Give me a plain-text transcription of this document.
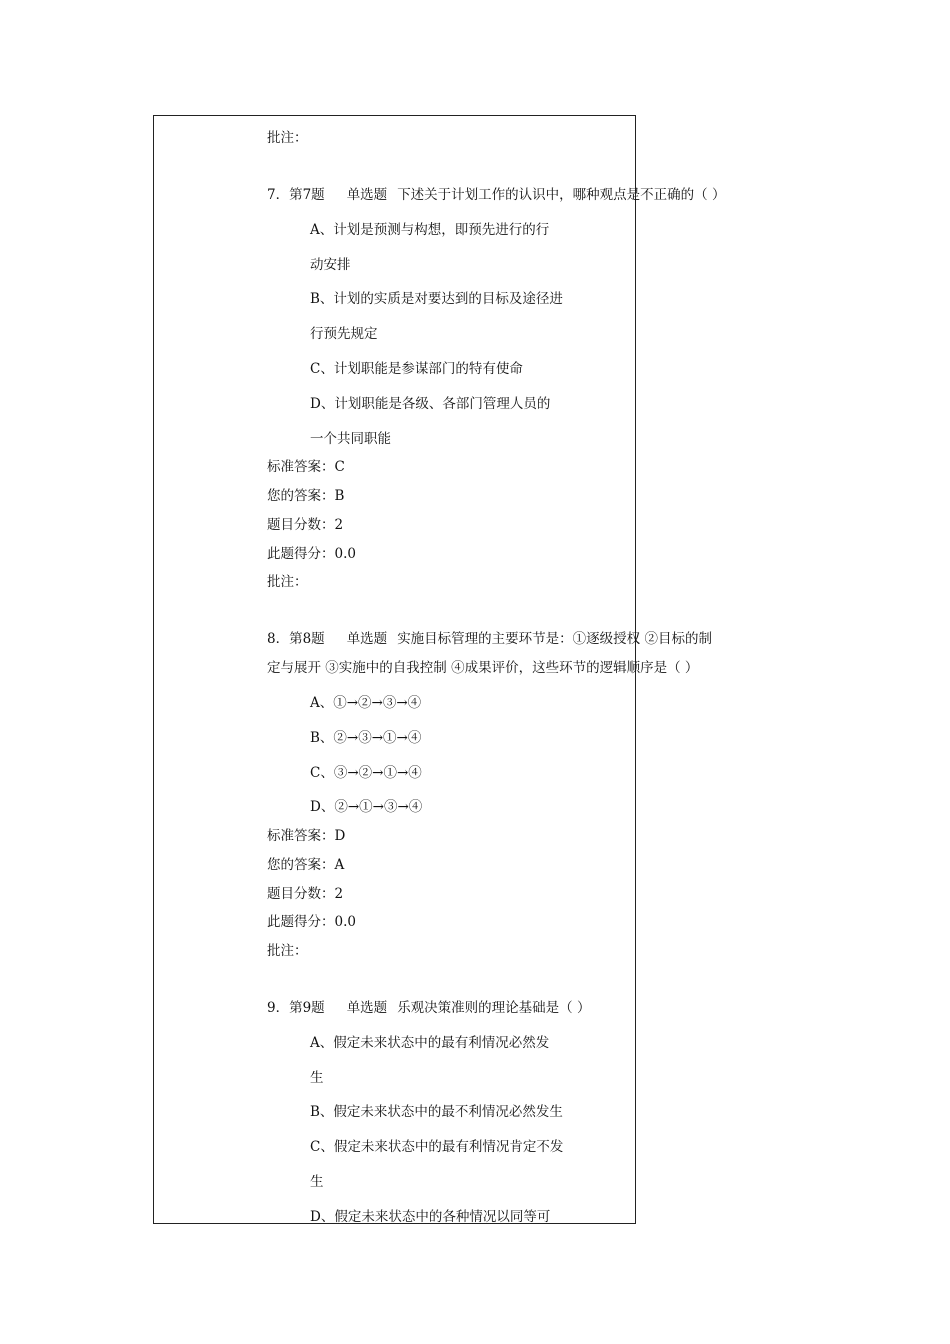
批注：
7．第7题 单选题 下述关于计划工作的认识中，哪种观点是不正确的（ ）
A、计划是预测与构想，即预先进行的行
动安排
B、计划的实质是对要达到的目标及途径进
行预先规定
C、计划职能是参谋部门的特有使命
D、计划职能是各级、各部门管理人员的
一个共同职能
标准答案：C
您的答案：B
题目分数：2
此题得分：0.0
批注：
8．第8题 单选题 实施目标管理的主要环节是：①逐级授权 ②目标的制
定与展开 ③实施中的自我控制 ④成果评价，这些环节的逻辑顺序是（ ）
A、①→②→③→④
B、②→③→①→④
C、③→②→①→④
D、②→①→③→④
标准答案：D
您的答案：A
题目分数：2
此题得分：0.0
批注：
9．第9题 单选题 乐观决策准则的理论基础是（ ）
A、假定未来状态中的最有利情况必然发
生
B、假定未来状态中的最不利情况必然发生
C、假定未来状态中的最有利情况肯定不发
生
D、假定未来状态中的各种情况以同等可
